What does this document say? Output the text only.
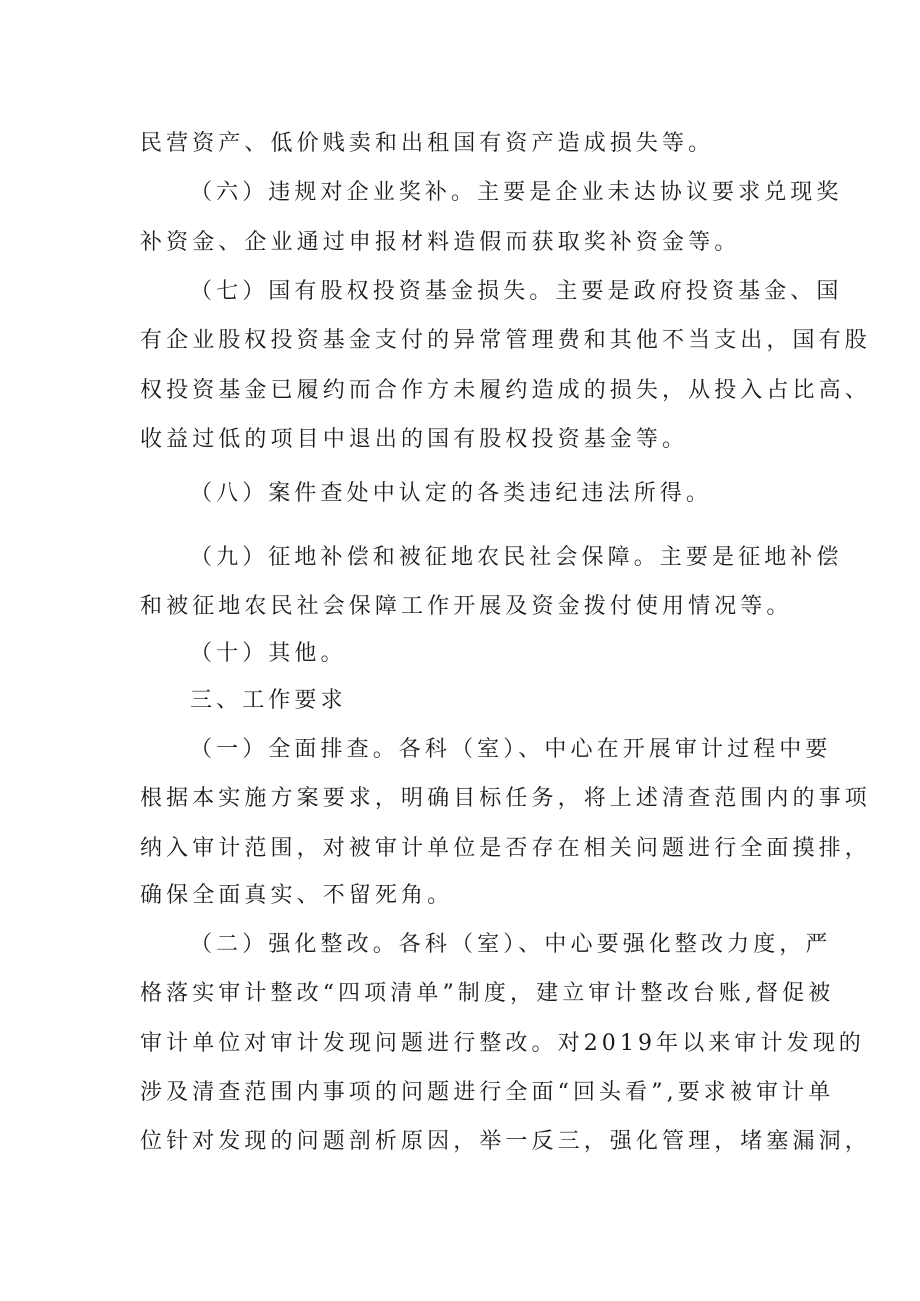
民营资产、低价贱卖和出租国有资产造成损失等。
（六）违规对企业奖补。主要是企业未达协议要求兑现奖
补资金、企业通过申报材料造假而获取奖补资金等。
（七）国有股权投资基金损失。主要是政府投资基金、国
有企业股权投资基金支付的异常管理费和其他不当支出，国有股
权投资基金已履约而合作方未履约造成的损失，从投入占比高、
收益过低的项目中退出的国有股权投资基金等。
（八）案件查处中认定的各类违纪违法所得。
（九）征地补偿和被征地农民社会保障。主要是征地补偿
和被征地农民社会保障工作开展及资金拨付使用情况等。
（十）其他。
三、工作要求
（一）全面排查。各科（室）、中心在开展审计过程中要
根据本实施方案要求，明确目标任务，将上述清查范围内的事项
纳入审计范围，对被审计单位是否存在相关问题进行全面摸排，
确保全面真实、不留死角。
（二）强化整改。各科（室）、中心要强化整改力度，严
格落实审计整改“四项清单”制度，建立审计整改台账,督促被
审计单位对审计发现问题进行整改。对2019年以来审计发现的
涉及清查范围内事项的问题进行全面“回头看”,要求被审计单
位针对发现的问题剖析原因，举一反三，强化管理，堵塞漏洞，
